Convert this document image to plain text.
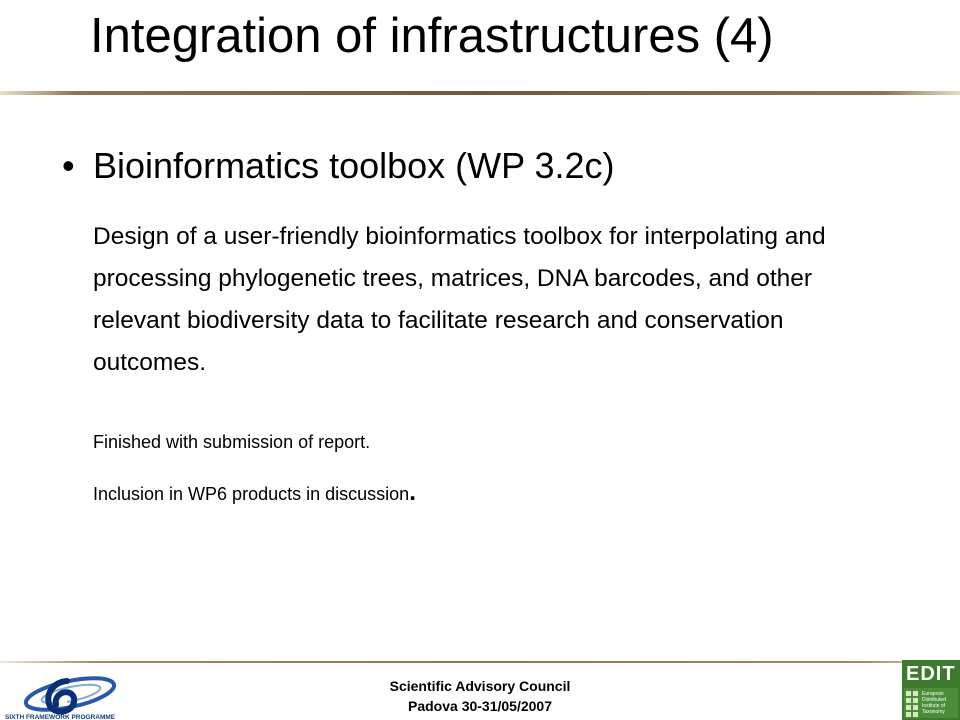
Integration of infrastructures (4)
• Bioinformatics toolbox (WP 3.2c)

Design of a user-friendly bioinformatics toolbox for interpolating and processing phylogenetic trees, matrices, DNA barcodes, and other relevant biodiversity data to facilitate research and conservation outcomes.

Finished with submission of report.

Inclusion in WP6 products in discussion.

SIXTH FRAMEWORK PROGRAMME
Scientific Advisory Council
Padova 30-31/05/2007
European
Distributed
Institute of
Taxonomy
EDIT
